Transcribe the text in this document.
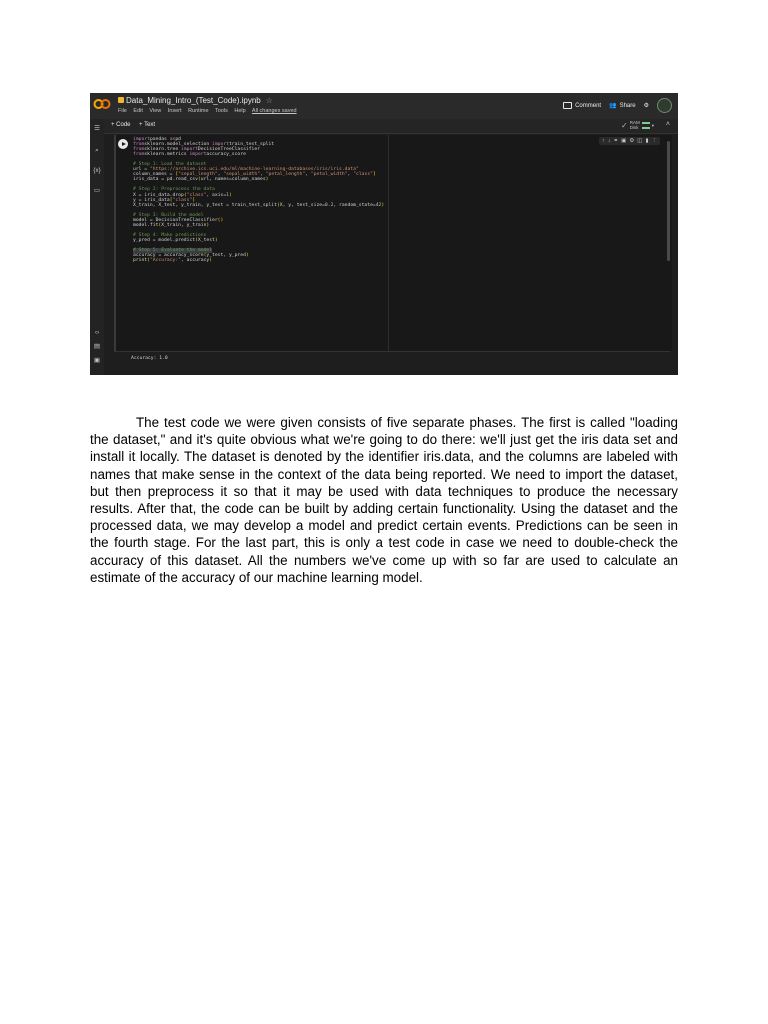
Data_Mining_Intro_(Test_Code).ipynb ☆
File Edit View Insert Runtime Tools Help All changes saved
Comment 👥 Share ⚙
☰
⌕
{x}
▭
‹›
▤
▣
+ Code + Text	✓ RAM
Disk	▾ ˄
↑ ↓ ⚭ ▣ ⚙ ◫ ▮ ⋮
importpandas aspd
fromsklearn.model_selection importtrain_test_split
fromsklearn.tree importDecisionTreeClassifier
fromsklearn.metrics importaccuracy_score

# Step 1: Load the dataset
url = "https://archive.ics.uci.edu/ml/machine-learning-databases/iris/iris.data"
column_names = ["sepal_length", "sepal_width", "petal_length", "petal_width", "class"]
iris_data = pd.read_csv(url, names=column_names)

# Step 2: Preprocess the data
X = iris_data.drop("class", axis=1)
y = iris_data["class"]
X_train, X_test, y_train, y_test = train_test_split(X, y, test_size=0.2, random_state=42)

# Step 3: Build the model
model = DecisionTreeClassifier()
model.fit(X_train, y_train)

# Step 4: Make predictions
y_pred = model.predict(X_test)

# Step 5: Evaluate the model

accuracy = accuracy_score(y_test, y_pred)
print("Accuracy:", accuracy)
Accuracy: 1.0

The test code we were given consists of five separate phases. The first is called "loading the dataset," and it's quite obvious what we're going to do there: we'll just get the iris data set and install it locally. The dataset is denoted by the identifier iris.data, and the columns are labeled with names that make sense in the context of the data being reported. We need to import the dataset, but then preprocess it so that it may be used with data techniques to produce the necessary results. After that, the code can be built by adding certain functionality. Using the dataset and the processed data, we may develop a model and predict certain events. Predictions can be seen in the fourth stage. For the last part, this is only a test code in case we need to double-check the accuracy of this dataset. All the numbers we've come up with so far are used to calculate an estimate of the accuracy of our machine learning model.
